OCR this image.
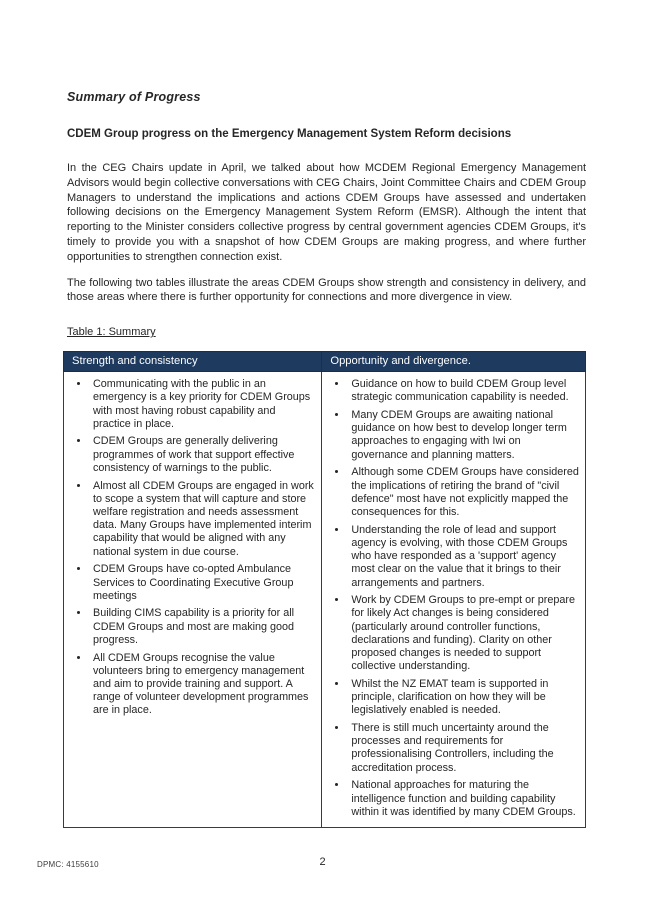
Summary of Progress

CDEM Group progress on the Emergency Management System Reform decisions

In the CEG Chairs update in April, we talked about how MCDEM Regional Emergency Management Advisors would begin collective conversations with CEG Chairs, Joint Committee Chairs and CDEM Group Managers to understand the implications and actions CDEM Groups have assessed and undertaken following decisions on the Emergency Management System Reform (EMSR). Although the intent that reporting to the Minister considers collective progress by central government agencies CDEM Groups, it's timely to provide you with a snapshot of how CDEM Groups are making progress, and where further opportunities to strengthen connection exist.

The following two tables illustrate the areas CDEM Groups show strength and consistency in delivery, and those areas where there is further opportunity for connections and more divergence in view.

Table 1: Summary

Strength and consistency	Opportunity and divergence.

• Communicating with the public in an emergency is a key priority for CDEM Groups with most having robust capability and practice in place.
• CDEM Groups are generally delivering programmes of work that support effective consistency of warnings to the public.
• Almost all CDEM Groups are engaged in work to scope a system that will capture and store welfare registration and needs assessment data. Many Groups have implemented interim capability that would be aligned with any national system in due course.
• CDEM Groups have co-opted Ambulance Services to Coordinating Executive Group meetings
• Building CIMS capability is a priority for all CDEM Groups and most are making good progress.
• All CDEM Groups recognise the value volunteers bring to emergency management and aim to provide training and support. A range of volunteer development programmes are in place.

• Guidance on how to build CDEM Group level strategic communication capability is needed.
• Many CDEM Groups are awaiting national guidance on how best to develop longer term approaches to engaging with Iwi on governance and planning matters.
• Although some CDEM Groups have considered the implications of retiring the brand of "civil defence" most have not explicitly mapped the consequences for this.
• Understanding the role of lead and support agency is evolving, with those CDEM Groups who have responded as a 'support' agency most clear on the value that it brings to their arrangements and partners.
• Work by CDEM Groups to pre-empt or prepare for likely Act changes is being considered (particularly around controller functions, declarations and funding). Clarity on other proposed changes is needed to support collective understanding.
• Whilst the NZ EMAT team is supported in principle, clarification on how they will be legislatively enabled is needed.
• There is still much uncertainty around the processes and requirements for professionalising Controllers, including the accreditation process.
• National approaches for maturing the intelligence function and building capability within it was identified by many CDEM Groups.
DPMC: 4155610	2
